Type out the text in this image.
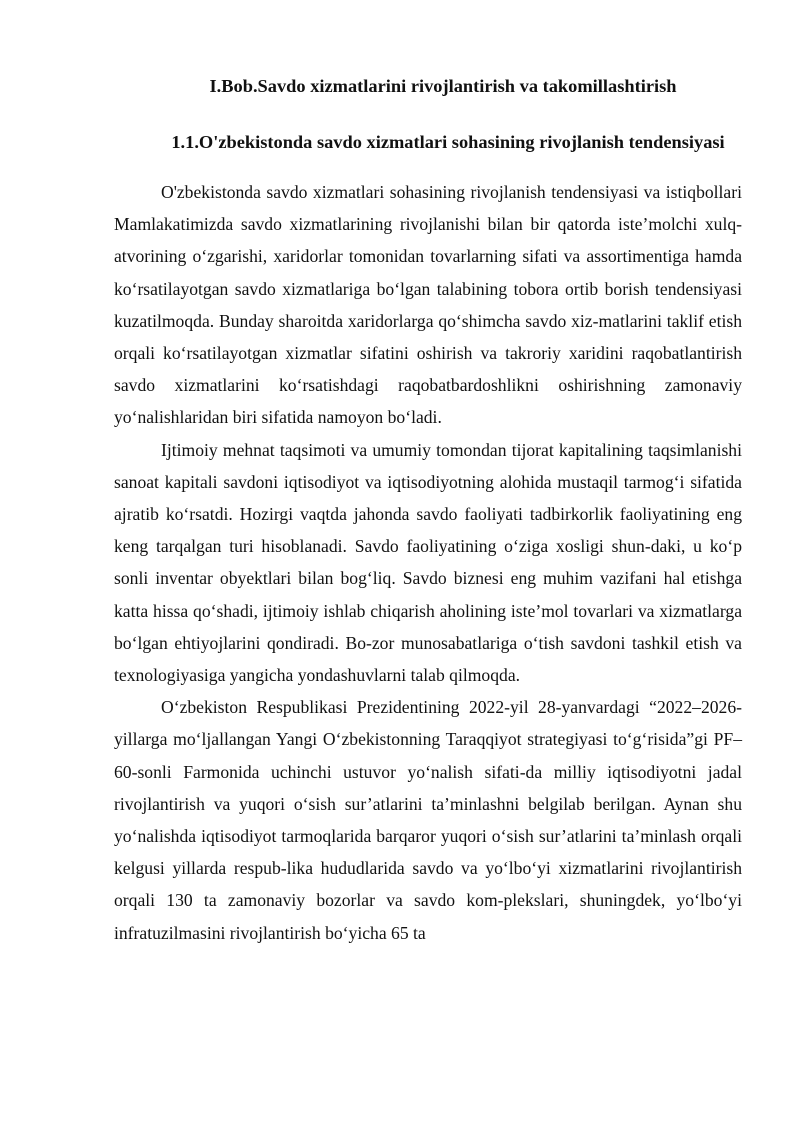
I.Bob.Savdo xizmatlarini rivojlantirish va takomillashtirish
1.1.O'zbekistonda savdo xizmatlari sohasining rivojlanish tendensiyasi

O'zbekistonda savdo xizmatlari sohasining rivojlanish tendensiyasi va istiqbollari Mamlakatimizda savdo xizmatlarining rivojlanishi bilan bir qatorda iste’molchi xulq-atvorining o‘zgarishi, xaridorlar tomonidan tovarlarning sifati va assortimentiga hamda ko‘rsatilayotgan savdo xizmatlariga bo‘lgan talabining tobora ortib borish tendensiyasi kuzatilmoqda. Bunday sharoitda xaridorlarga qo‘shimcha savdo xiz-matlarini taklif etish orqali ko‘rsatilayotgan xizmatlar sifatini oshirish va takroriy xaridini raqobatlantirish savdo xizmatlarini ko‘rsatishdagi raqobatbardoshlikni oshirishning zamonaviy yo‘nalishlaridan biri sifatida namoyon bo‘ladi.

Ijtimoiy mehnat taqsimoti va umumiy tomondan tijorat kapitalining taqsimlanishi sanoat kapitali savdoni iqtisodiyot va iqtisodiyotning alohida mustaqil tarmog‘i sifatida ajratib ko‘rsatdi. Hozirgi vaqtda jahonda savdo faoliyati tadbirkorlik faoliyatining eng keng tarqalgan turi hisoblanadi. Savdo faoliyatining o‘ziga xosligi shun-daki, u ko‘p sonli inventar obyektlari bilan bog‘liq. Savdo biznesi eng muhim vazifani hal etishga katta hissa qo‘shadi, ijtimoiy ishlab chiqarish aholining iste’mol tovarlari va xizmatlarga bo‘lgan ehtiyojlarini qondiradi. Bo-zor munosabatlariga o‘tish savdoni tashkil etish va texnologiyasiga yangicha yondashuvlarni talab qilmoqda.

O‘zbekiston Respublikasi Prezidentining 2022-yil 28-yanvardagi “2022–2026-yillarga mo‘ljallangan Yangi O‘zbekistonning Taraqqiyot strategiyasi to‘g‘risida”gi PF–60-sonli Farmonida uchinchi ustuvor yo‘nalish sifati-da milliy iqtisodiyotni jadal rivojlantirish va yuqori o‘sish sur’atlarini ta’minlashni belgilab berilgan. Aynan shu yo‘nalishda iqtisodiyot tarmoqlarida barqaror yuqori o‘sish sur’atlarini ta’minlash orqali kelgusi yillarda respub-lika hududlarida savdo va yo‘lbo‘yi xizmatlarini rivojlantirish orqali 130 ta zamonaviy bozorlar va savdo kom-plekslari, shuningdek, yo‘lbo‘yi infratuzilmasini rivojlantirish bo‘yicha 65 ta
